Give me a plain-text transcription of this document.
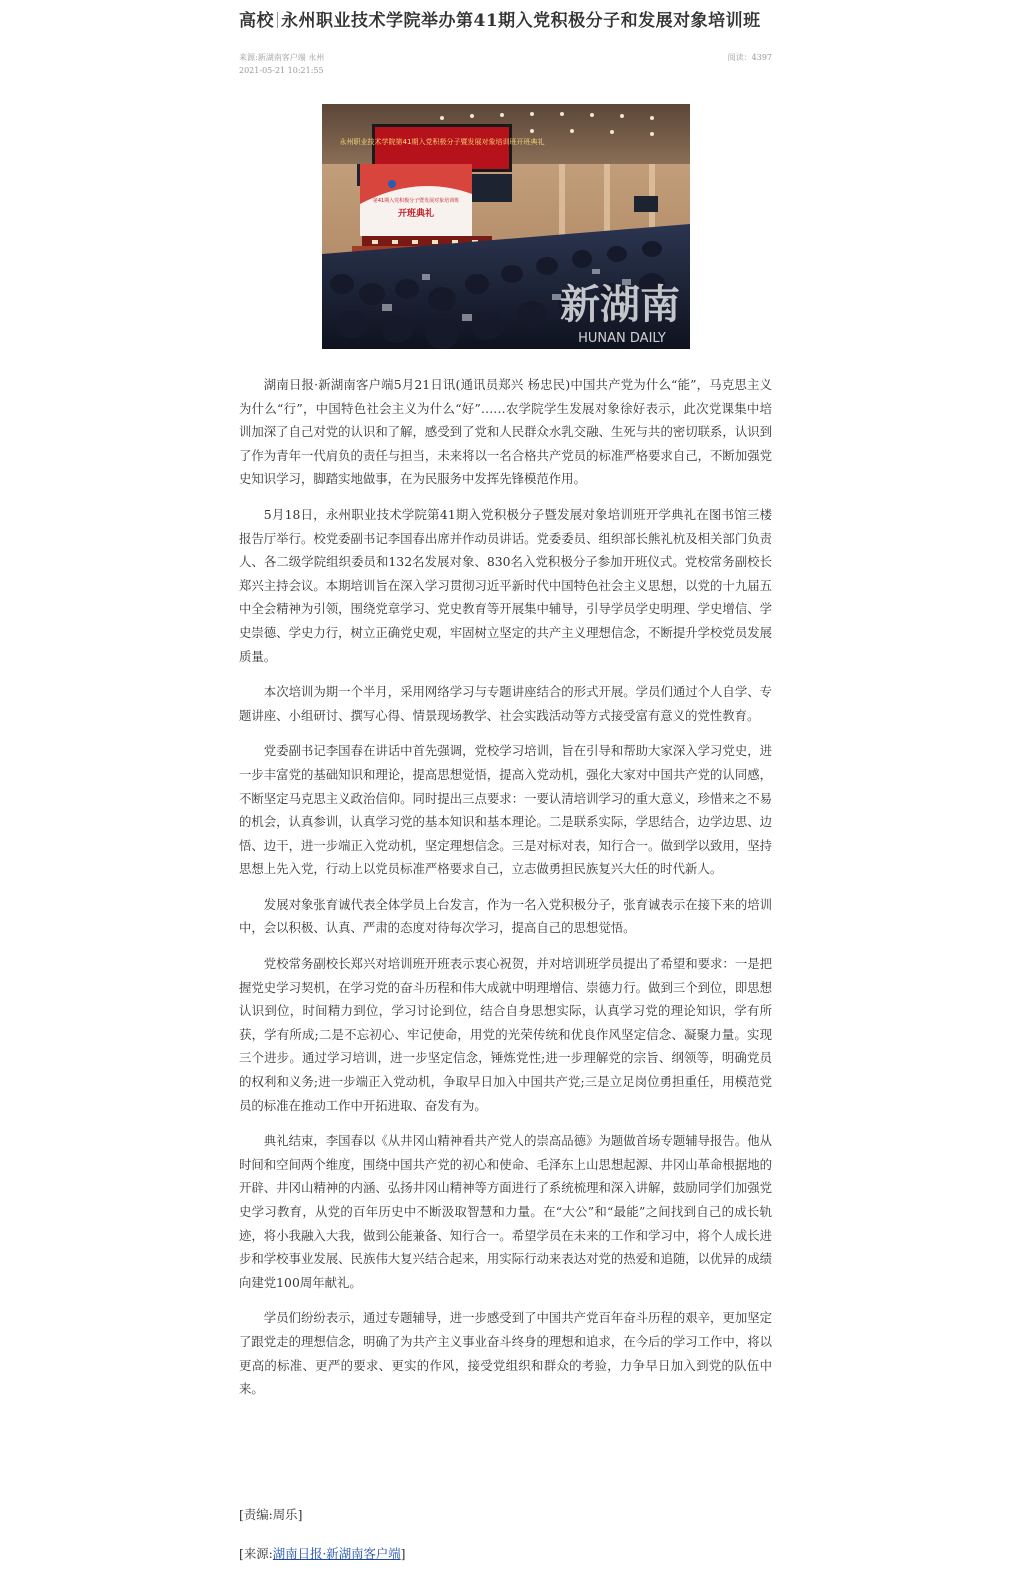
高校 永州职业技术学院举办第41期入党积极分子和发展对象培训班
来源:新湖南客户端 永州
2021-05-21 10:21:55
阅读：4397
永州职业技术学院第41期入党积极分子暨发展对象培训班开班典礼
第41期入党积极分子暨发展对象培训班
开班典礼
新湖南
HUNAN DAILY

湖南日报·新湖南客户端5月21日讯(通讯员郑兴 杨忠民)中国共产党为什么“能”，马克思主义为什么“行”，中国特色社会主义为什么“好”……农学院学生发展对象徐好表示，此次党课集中培训加深了自己对党的认识和了解，感受到了党和人民群众水乳交融、生死与共的密切联系，认识到了作为青年一代肩负的责任与担当，未来将以一名合格共产党员的标准严格要求自己，不断加强党史知识学习，脚踏实地做事，在为民服务中发挥先锋模范作用。

5月18日，永州职业技术学院第41期入党积极分子暨发展对象培训班开学典礼在图书馆三楼报告厅举行。校党委副书记李国春出席并作动员讲话。党委委员、组织部长熊礼杭及相关部门负责人、各二级学院组织委员和132名发展对象、830名入党积极分子参加开班仪式。党校常务副校长郑兴主持会议。本期培训旨在深入学习贯彻习近平新时代中国特色社会主义思想，以党的十九届五中全会精神为引领，围绕党章学习、党史教育等开展集中辅导，引导学员学史明理、学史增信、学史崇德、学史力行，树立正确党史观，牢固树立坚定的共产主义理想信念，不断提升学校党员发展质量。

本次培训为期一个半月，采用网络学习与专题讲座结合的形式开展。学员们通过个人自学、专题讲座、小组研讨、撰写心得、情景现场教学、社会实践活动等方式接受富有意义的党性教育。

党委副书记李国春在讲话中首先强调，党校学习培训，旨在引导和帮助大家深入学习党史，进一步丰富党的基础知识和理论，提高思想觉悟，提高入党动机，强化大家对中国共产党的认同感，不断坚定马克思主义政治信仰。同时提出三点要求：一要认清培训学习的重大意义，珍惜来之不易的机会，认真参训，认真学习党的基本知识和基本理论。二是联系实际，学思结合，边学边思、边悟、边干，进一步端正入党动机，坚定理想信念。三是对标对表，知行合一。做到学以致用，坚持思想上先入党，行动上以党员标准严格要求自己，立志做勇担民族复兴大任的时代新人。

发展对象张育诚代表全体学员上台发言，作为一名入党积极分子，张育诚表示在接下来的培训中，会以积极、认真、严肃的态度对待每次学习，提高自己的思想觉悟。

党校常务副校长郑兴对培训班开班表示衷心祝贺，并对培训班学员提出了希望和要求：一是把握党史学习契机，在学习党的奋斗历程和伟大成就中明理增信、崇德力行。做到三个到位，即思想认识到位，时间精力到位，学习讨论到位，结合自身思想实际，认真学习党的理论知识，学有所获，学有所成;二是不忘初心、牢记使命，用党的光荣传统和优良作风坚定信念、凝聚力量。实现三个进步。通过学习培训，进一步坚定信念，锤炼党性;进一步理解党的宗旨、纲领等，明确党员的权利和义务;进一步端正入党动机，争取早日加入中国共产党;三是立足岗位勇担重任，用模范党员的标准在推动工作中开拓进取、奋发有为。

典礼结束，李国春以《从井冈山精神看共产党人的崇高品德》为题做首场专题辅导报告。他从时间和空间两个维度，围绕中国共产党的初心和使命、毛泽东上山思想起源、井冈山革命根据地的开辟、井冈山精神的内涵、弘扬井冈山精神等方面进行了系统梳理和深入讲解，鼓励同学们加强党史学习教育，从党的百年历史中不断汲取智慧和力量。在“大公”和“最能”之间找到自己的成长轨迹，将小我融入大我，做到公能兼备、知行合一。希望学员在未来的工作和学习中，将个人成长进步和学校事业发展、民族伟大复兴结合起来，用实际行动来表达对党的热爱和追随，以优异的成绩向建党100周年献礼。

学员们纷纷表示，通过专题辅导，进一步感受到了中国共产党百年奋斗历程的艰辛，更加坚定了跟党走的理想信念，明确了为共产主义事业奋斗终身的理想和追求，在今后的学习工作中，将以更高的标准、更严的要求、更实的作风，接受党组织和群众的考验，力争早日加入到党的队伍中来。

[责编:周乐]
[来源:湖南日报·新湖南客户端]
